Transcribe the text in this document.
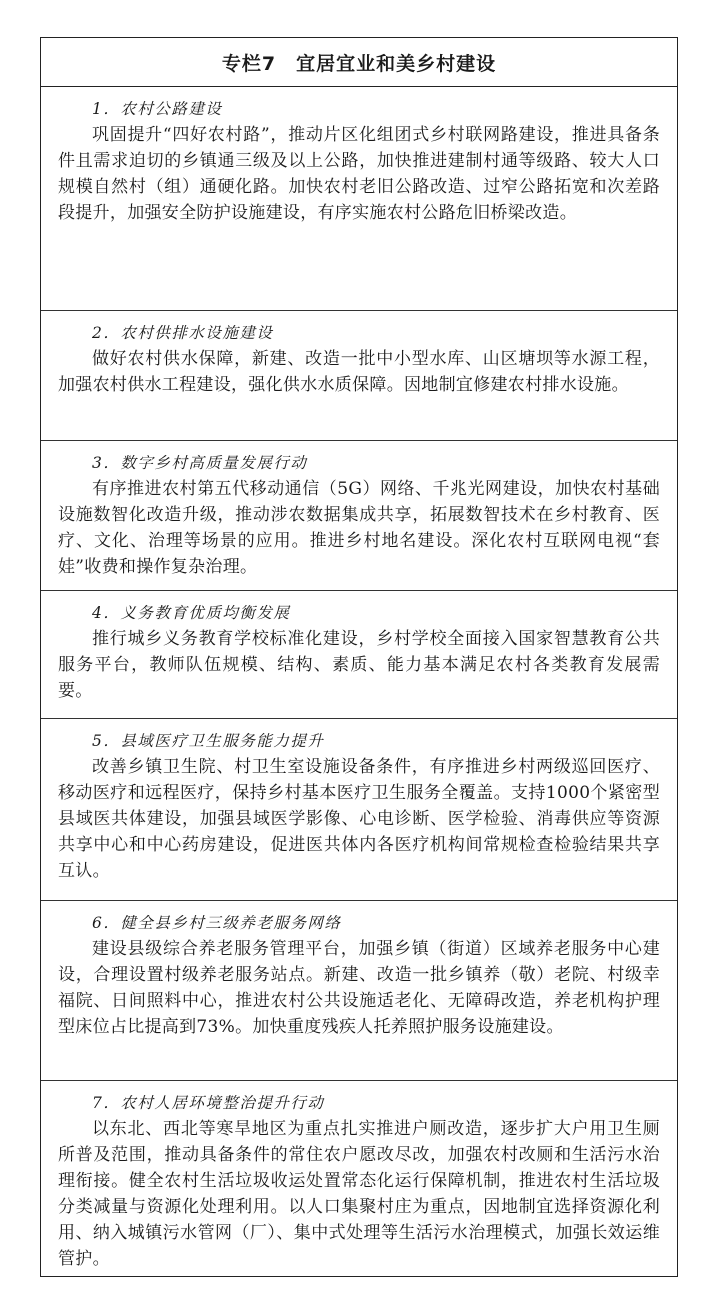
专栏7　宜居宜业和美乡村建设
1．农村公路建设
巩固提升“四好农村路”，推动片区化组团式乡村联网路建设，推进具备条件且需求迫切的乡镇通三级及以上公路，加快推进建制村通等级路、较大人口规模自然村（组）通硬化路。加快农村老旧公路改造、过窄公路拓宽和次差路段提升，加强安全防护设施建设，有序实施农村公路危旧桥梁改造。
2．农村供排水设施建设
做好农村供水保障，新建、改造一批中小型水库、山区塘坝等水源工程，加强农村供水工程建设，强化供水水质保障。因地制宜修建农村排水设施。
3．数字乡村高质量发展行动
有序推进农村第五代移动通信（5G）网络、千兆光网建设，加快农村基础设施数智化改造升级，推动涉农数据集成共享，拓展数智技术在乡村教育、医疗、文化、治理等场景的应用。推进乡村地名建设。深化农村互联网电视“套娃”收费和操作复杂治理。
4．义务教育优质均衡发展
推行城乡义务教育学校标准化建设，乡村学校全面接入国家智慧教育公共服务平台，教师队伍规模、结构、素质、能力基本满足农村各类教育发展需要。
5．县域医疗卫生服务能力提升
改善乡镇卫生院、村卫生室设施设备条件，有序推进乡村两级巡回医疗、移动医疗和远程医疗，保持乡村基本医疗卫生服务全覆盖。支持1000个紧密型县域医共体建设，加强县域医学影像、心电诊断、医学检验、消毒供应等资源共享中心和中心药房建设，促进医共体内各医疗机构间常规检查检验结果共享互认。
6．健全县乡村三级养老服务网络
建设县级综合养老服务管理平台，加强乡镇（街道）区域养老服务中心建设，合理设置村级养老服务站点。新建、改造一批乡镇养（敬）老院、村级幸福院、日间照料中心，推进农村公共设施适老化、无障碍改造，养老机构护理型床位占比提高到73%。加快重度残疾人托养照护服务设施建设。
7．农村人居环境整治提升行动
以东北、西北等寒旱地区为重点扎实推进户厕改造，逐步扩大户用卫生厕所普及范围，推动具备条件的常住农户愿改尽改，加强农村改厕和生活污水治理衔接。健全农村生活垃圾收运处置常态化运行保障机制，推进农村生活垃圾分类减量与资源化处理利用。以人口集聚村庄为重点，因地制宜选择资源化利用、纳入城镇污水管网（厂）、集中式处理等生活污水治理模式，加强长效运维管护。
